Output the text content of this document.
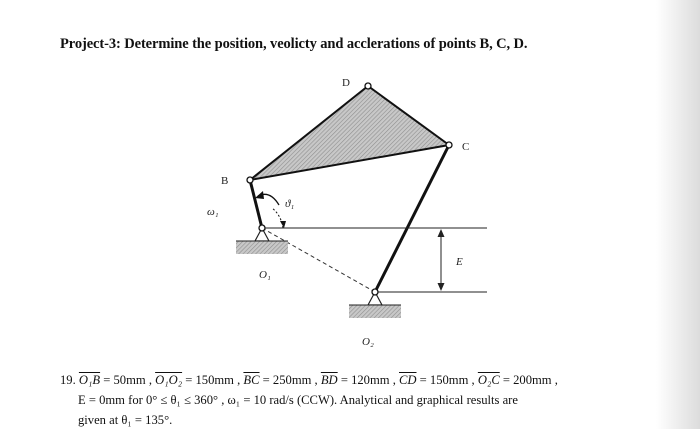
Project-3: Determine the position, veolicty and acclerations of points B, C, D.
D
C
B
E
ω₁
ϑ₁
O₁
O₂
19. O₁B = 50mm , O₁O₂ = 150mm , $\overline{BC} = 250mm$ , $\overline{BD} = 120mm$ , $\overline{CD} = 150mm$ , O₂C = 200mm ,
E = 0mm for 0° ≤ θ₁ ≤ 360° , ω₁ = 10 rad/s (CCW). Analytical and graphical results are
given at θ₁ = 135°.
